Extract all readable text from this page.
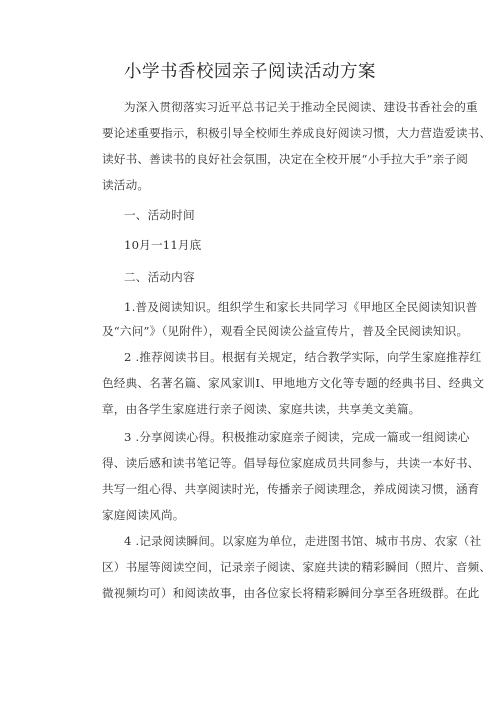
小学书香校园亲子阅读活动方案
为深入贯彻落实习近平总书记关于推动全民阅读、建设书香社会的重
要论述重要指示，积极引导全校师生养成良好阅读习惯，大力营造爱读书、
读好书、善读书的良好社会氛围，决定在全校开展“小手拉大手”亲子阅
读活动。
一、活动时间
10月一11月底
二、活动内容
1.普及阅读知识。组织学生和家长共同学习《甲地区全民阅读知识普
及“六问”》（见附件），观看全民阅读公益宣传片，普及全民阅读知识。
2 .推荐阅读书目。根据有关规定，结合教学实际，向学生家庭推荐红
色经典、名著名篇、家风家训I、甲地地方文化等专题的经典书目、经典文
章，由各学生家庭进行亲子阅读、家庭共读，共享美文美篇。
3 .分享阅读心得。积极推动家庭亲子阅读，完成一篇或一组阅读心
得、读后感和读书笔记等。倡导每位家庭成员共同参与，共读一本好书、
共写一组心得、共享阅读时光，传播亲子阅读理念，养成阅读习惯，涵育
家庭阅读风尚。
4 .记录阅读瞬间。以家庭为单位，走进图书馆、城市书房、农家（社
区）书屋等阅读空间，记录亲子阅读、家庭共读的精彩瞬间（照片、音频、
微视频均可）和阅读故事，由各位家长将精彩瞬间分享至各班级群。在此
